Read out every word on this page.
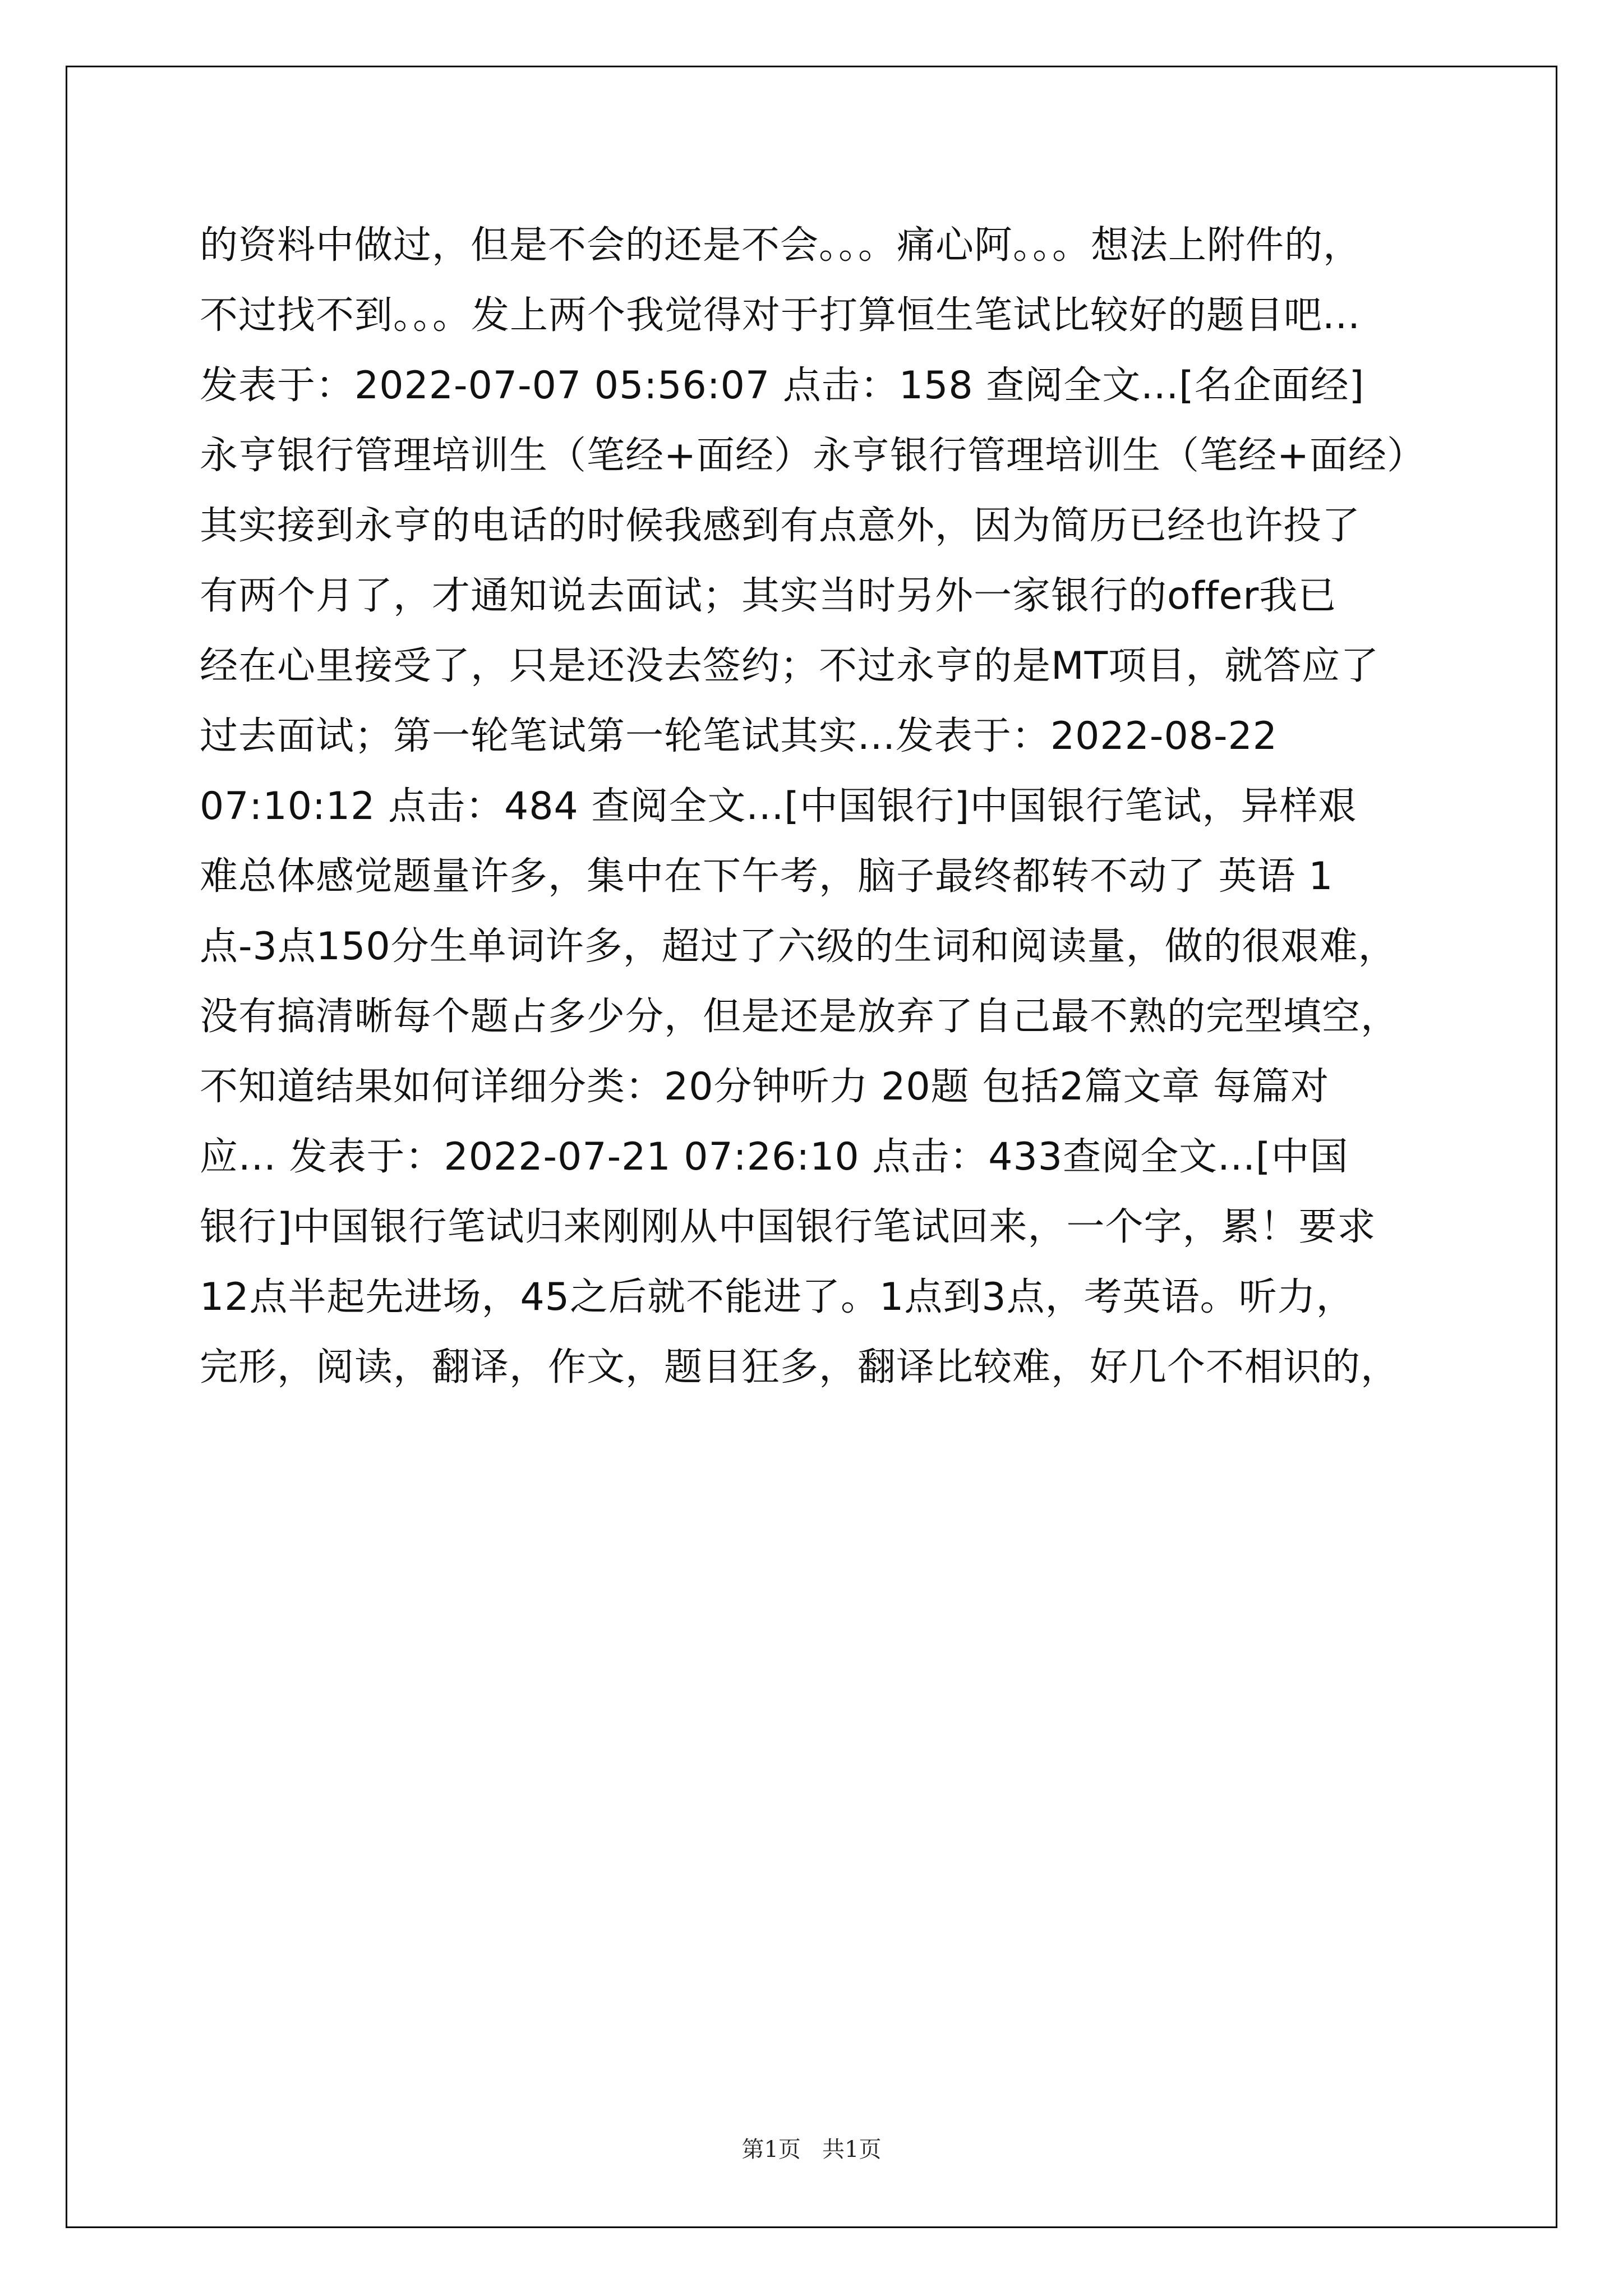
的资料中做过，但是不会的还是不会。。。痛心阿。。。想法上附件的，
不过找不到。。。发上两个我觉得对于打算恒生笔试比较好的题目吧...
发表于：2022-07-07 05:56:07 点击：158 查阅全文...[名企面经]
永亨银行管理培训生（笔经+面经）永亨银行管理培训生（笔经+面经）
其实接到永亨的电话的时候我感到有点意外，因为简历已经也许投了
有两个月了，才通知说去面试；其实当时另外一家银行的offer我已
经在心里接受了，只是还没去签约；不过永亨的是MT项目，就答应了
过去面试；第一轮笔试第一轮笔试其实...发表于：2022-08-22
07:10:12 点击：484 查阅全文...[中国银行]中国银行笔试，异样艰
难总体感觉题量许多，集中在下午考，脑子最终都转不动了 英语 1
点-3点150分生单词许多，超过了六级的生词和阅读量，做的很艰难，
没有搞清晰每个题占多少分，但是还是放弃了自己最不熟的完型填空，
不知道结果如何详细分类：20分钟听力 20题 包括2篇文章 每篇对
应... 发表于：2022-07-21 07:26:10 点击：433查阅全文...[中国
银行]中国银行笔试归来刚刚从中国银行笔试回来，一个字，累！要求
12点半起先进场，45之后就不能进了。1点到3点，考英语。听力，
完形，阅读，翻译，作文，题目狂多，翻译比较难，好几个不相识的，
第1页   共1页
